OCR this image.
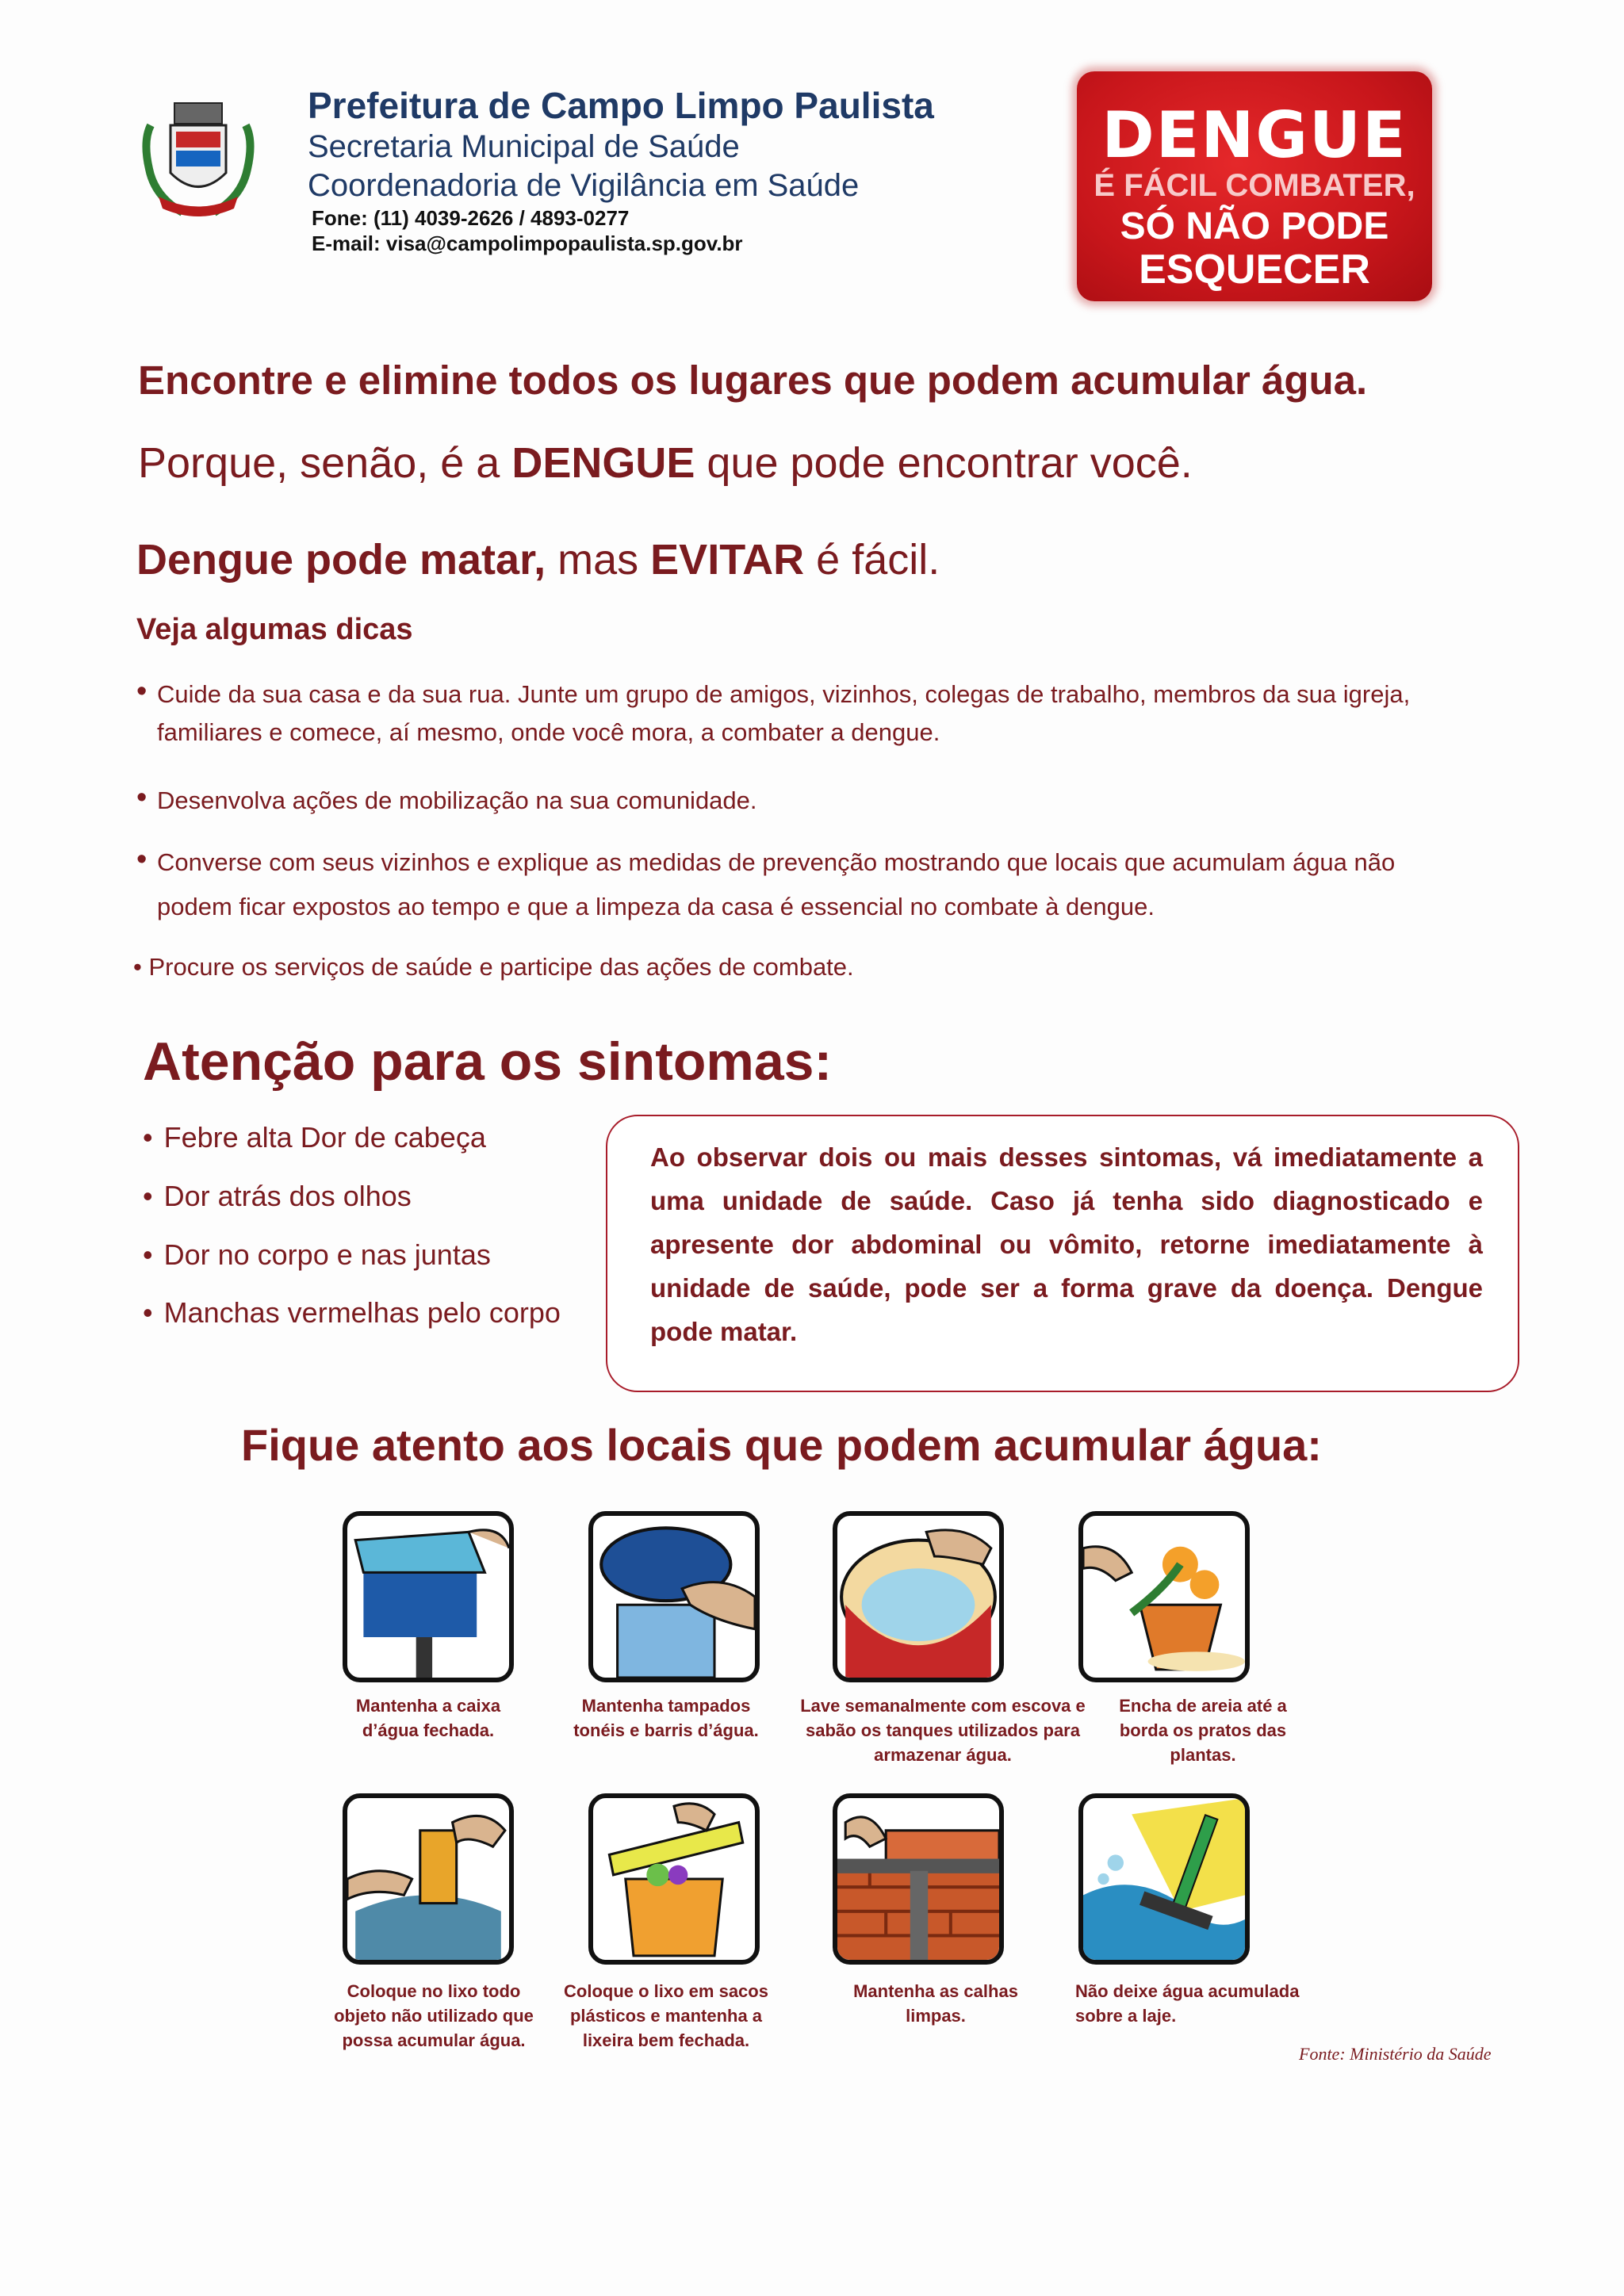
Prefeitura de Campo Limpo Paulista
Secretaria Municipal de Saúde
Coordenadoria de Vigilância em Saúde
Fone: (11) 4039-2626 / 4893-0277
E-mail: visa@campolimpopaulista.sp.gov.br
DENGUE
É FÁCIL COMBATER,
SÓ NÃO PODE
ESQUECER
Encontre e elimine todos os lugares que podem acumular água.
Porque, senão, é a DENGUE que pode encontrar você.
Dengue pode matar, mas EVITAR é fácil.
Veja algumas dicas
• Cuide da sua casa e da sua rua. Junte um grupo de amigos, vizinhos, colegas de trabalho, membros da sua igreja,
familiares e comece, aí mesmo, onde você mora, a combater a dengue.
• Desenvolva ações de mobilização na sua comunidade.
• Converse com seus vizinhos e explique as medidas de prevenção mostrando que locais que acumulam água não
podem ficar expostos ao tempo e que a limpeza da casa é essencial no combate à dengue.
• Procure os serviços de saúde e participe das ações de combate.
Atenção para os sintomas:
• Febre alta Dor de cabeça
• Dor atrás dos olhos
• Dor no corpo e nas juntas
• Manchas vermelhas pelo corpo
Ao observar dois ou mais desses sintomas, vá imediatamente a uma unidade de saúde. Caso já tenha sido diagnosticado e apresente dor abdominal ou vômito, retorne imediatamente à unidade de saúde, pode ser a forma grave da doença. Dengue pode matar.
Fique atento aos locais que podem acumular água:
Mantenha a caixa d’água fechada.
Mantenha tampados tonéis e barris d’água.
Lave semanalmente com escova e sabão os tanques utilizados para armazenar água.
Encha de areia até a borda os pratos das plantas.
Coloque no lixo todo objeto não utilizado que possa acumular água.
Coloque o lixo em sacos plásticos e mantenha a lixeira bem fechada.
Mantenha as calhas limpas.
Não deixe água acumulada sobre a laje.
Fonte: Ministério da Saúde
